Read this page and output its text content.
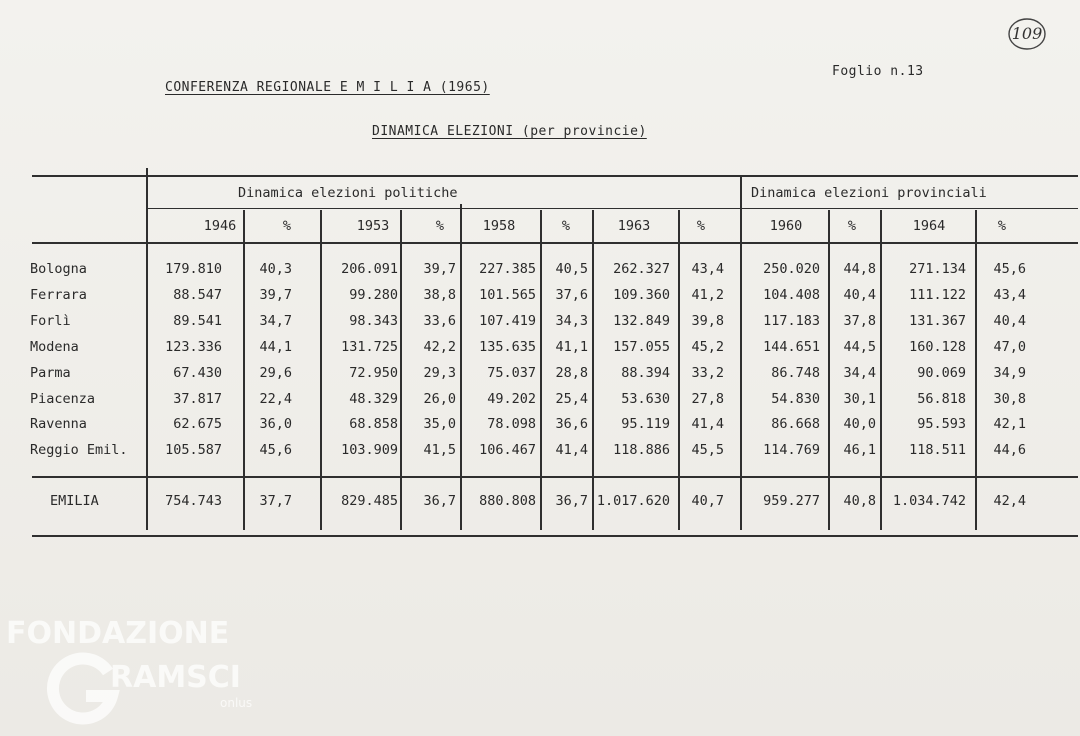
Foglio n.13
109
CONFERENZA REGIONALE E M I L I A (1965)
DINAMICA ELEZIONI (per provincie)
Dinamica elezioni politiche	Dinamica elezioni provinciali
1946	%	1953	%	1958	%	1963	%	1960	%	1964	%
Bologna	179.810	40,3	206.091	39,7	227.385	40,5	262.327	43,4	250.020	44,8	271.134	45,6
Ferrara	88.547	39,7	99.280	38,8	101.565	37,6	109.360	41,2	104.408	40,4	111.122	43,4
Forlì	89.541	34,7	98.343	33,6	107.419	34,3	132.849	39,8	117.183	37,8	131.367	40,4
Modena	123.336	44,1	131.725	42,2	135.635	41,1	157.055	45,2	144.651	44,5	160.128	47,0
Parma	67.430	29,6	72.950	29,3	75.037	28,8	88.394	33,2	86.748	34,4	90.069	34,9
Piacenza	37.817	22,4	48.329	26,0	49.202	25,4	53.630	27,8	54.830	30,1	56.818	30,8
Ravenna	62.675	36,0	68.858	35,0	78.098	36,6	95.119	41,4	86.668	40,0	95.593	42,1
Reggio Emil.	105.587	45,6	103.909	41,5	106.467	41,4	118.886	45,5	114.769	46,1	118.511	44,6
EMILIA	754.743	37,7	829.485	36,7	880.808	36,7 1.017.620	40,7	959.277	40,8	1.034.742	42,4
FONDAZIONE
RAMSCI
onlus
